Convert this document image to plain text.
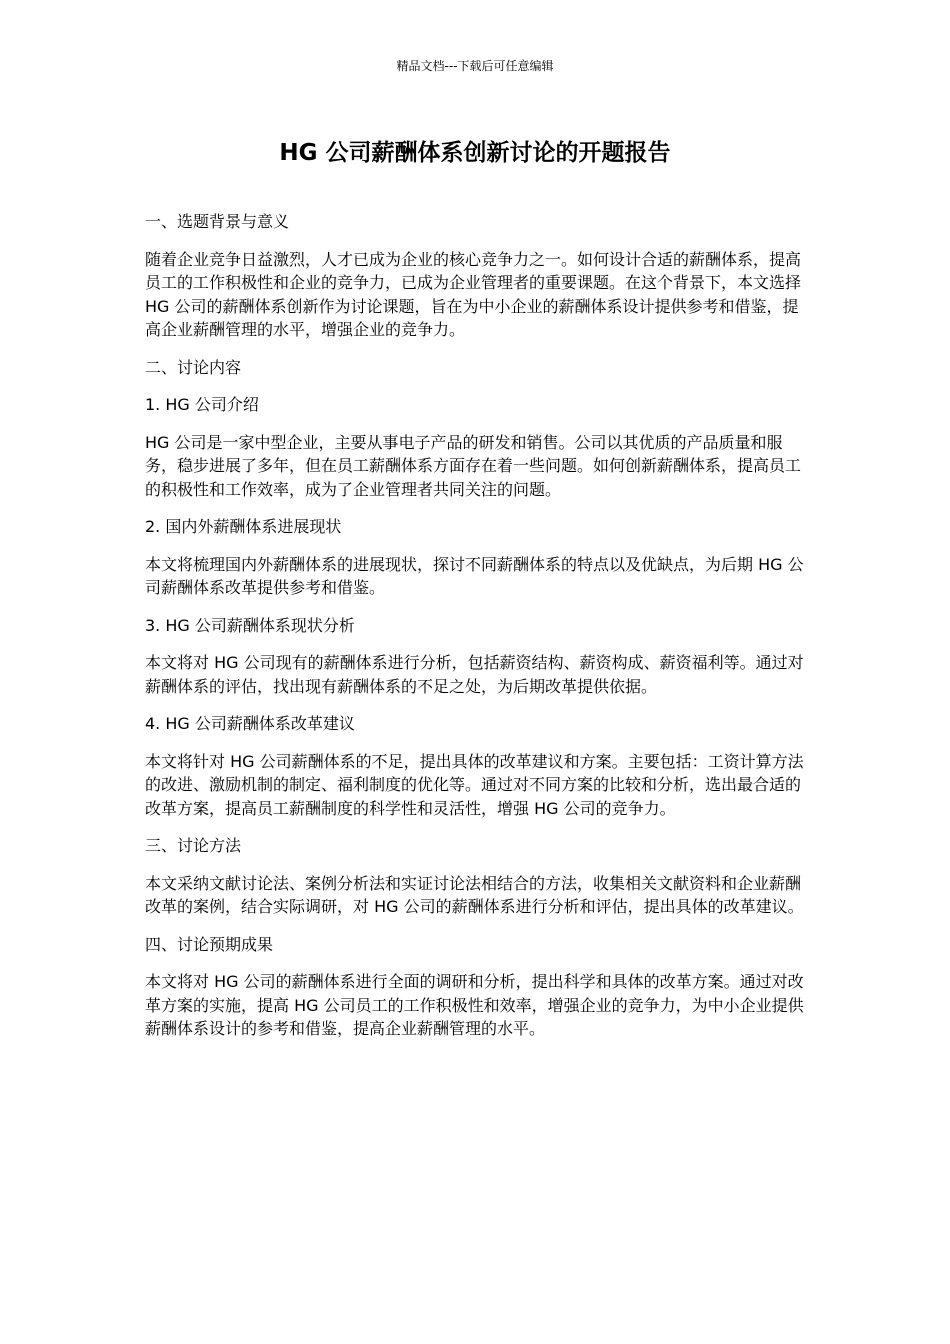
精品文档---下载后可任意编辑
HG 公司薪酬体系创新讨论的开题报告

一、选题背景与意义

随着企业竞争日益激烈，人才已成为企业的核心竞争力之一。如何设计合适的薪酬体系，提高员工的工作积极性和企业的竞争力，已成为企业管理者的重要课题。在这个背景下，本文选择 HG 公司的薪酬体系创新作为讨论课题，旨在为中小企业的薪酬体系设计提供参考和借鉴，提高企业薪酬管理的水平，增强企业的竞争力。

二、讨论内容

1. HG 公司介绍

HG 公司是一家中型企业，主要从事电子产品的研发和销售。公司以其优质的产品质量和服务，稳步进展了多年，但在员工薪酬体系方面存在着一些问题。如何创新薪酬体系，提高员工的积极性和工作效率，成为了企业管理者共同关注的问题。

2. 国内外薪酬体系进展现状

本文将梳理国内外薪酬体系的进展现状，探讨不同薪酬体系的特点以及优缺点，为后期 HG 公司薪酬体系改革提供参考和借鉴。

3. HG 公司薪酬体系现状分析

本文将对 HG 公司现有的薪酬体系进行分析，包括薪资结构、薪资构成、薪资福利等。通过对薪酬体系的评估，找出现有薪酬体系的不足之处，为后期改革提供依据。

4. HG 公司薪酬体系改革建议

本文将针对 HG 公司薪酬体系的不足，提出具体的改革建议和方案。主要包括：工资计算方法的改进、激励机制的制定、福利制度的优化等。通过对不同方案的比较和分析，选出最合适的改革方案，提高员工薪酬制度的科学性和灵活性，增强 HG 公司的竞争力。

三、讨论方法

本文采纳文献讨论法、案例分析法和实证讨论法相结合的方法，收集相关文献资料和企业薪酬改革的案例，结合实际调研，对 HG 公司的薪酬体系进行分析和评估，提出具体的改革建议。

四、讨论预期成果

本文将对 HG 公司的薪酬体系进行全面的调研和分析，提出科学和具体的改革方案。通过对改革方案的实施，提高 HG 公司员工的工作积极性和效率，增强企业的竞争力，为中小企业提供薪酬体系设计的参考和借鉴，提高企业薪酬管理的水平。
